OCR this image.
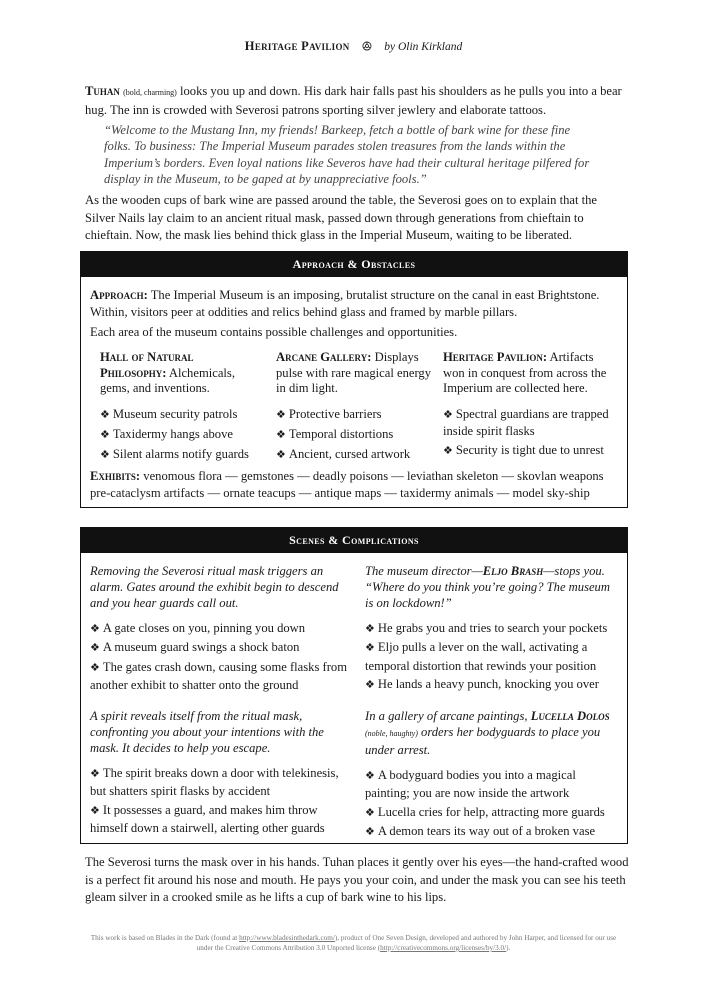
Heritage Pavilion ꔮ by Olin Kirkland

Tuhan (bold, charming) looks you up and down. His dark hair falls past his shoulders as he pulls you into a bear hug. The inn is crowded with Severosi patrons sporting silver jewlery and elaborate tattoos.

“Welcome to the Mustang Inn, my friends! Barkeep, fetch a bottle of bark wine for these fine folks. To business: The Imperial Museum parades stolen treasures from the lands within the Imperium’s borders. Even loyal nations like Severos have had their cultural heritage pilfered for display in the Museum, to be gaped at by unappreciative fools.”

As the wooden cups of bark wine are passed around the table, the Severosi goes on to explain that the Silver Nails lay claim to an ancient ritual mask, passed down through generations from chieftain to chieftain. Now, the mask lies behind thick glass in the Imperial Museum, waiting to be liberated.

Approach & Obstacles

Approach: The Imperial Museum is an imposing, brutalist structure on the canal in east Brightstone. Within, visitors peer at oddities and relics behind glass and framed by marble pillars.

Each area of the museum contains possible challenges and opportunities.

Hall of Natural Philosophy: Alchemicals, gems, and inventions.
❖ Museum security patrols
❖ Taxidermy hangs above
❖ Silent alarms notify guards
Arcane Gallery: Displays pulse with rare magical energy in dim light.
❖ Protective barriers
❖ Temporal distortions
❖ Ancient, cursed artwork
Heritage Pavilion: Artifacts won in conquest from across the Imperium are collected here.
❖ Spectral guardians are trapped inside spirit flasks
❖ Security is tight due to unrest

Exhibits: venomous flora — gemstones — deadly poisons — leviathan skeleton — skovlan weapons pre-cataclysm artifacts — ornate teacups — antique maps — taxidermy animals — model sky-ship

Scenes & Complications
Removing the Severosi ritual mask triggers an alarm. Gates around the exhibit begin to descend and you hear guards call out.
❖ A gate closes on you, pinning you down
❖ A museum guard swings a shock baton
❖ The gates crash down, causing some flasks from another exhibit to shatter onto the ground
The museum director—Eljo Brash—stops you. “Where do you think you’re going? The museum is on lockdown!”
❖ He grabs you and tries to search your pockets
❖ Eljo pulls a lever on the wall, activating a temporal distortion that rewinds your position
❖ He lands a heavy punch, knocking you over
A spirit reveals itself from the ritual mask, confronting you about your intentions with the mask. It decides to help you escape.
❖ The spirit breaks down a door with telekinesis, but shatters spirit flasks by accident
❖ It possesses a guard, and makes him throw himself down a stairwell, alerting other guards
In a gallery of arcane paintings, Lucella Dolos (noble, haughty) orders her bodyguards to place you under arrest.
❖ A bodyguard bodies you into a magical painting; you are now inside the artwork
❖ Lucella cries for help, attracting more guards
❖ A demon tears its way out of a broken vase

The Severosi turns the mask over in his hands. Tuhan places it gently over his eyes—the hand-crafted wood is a perfect fit around his nose and mouth. He pays you your coin, and under the mask you can see his teeth gleam silver in a crooked smile as he lifts a cup of bark wine to his lips.

This work is based on Blades in the Dark (found at http://www.bladesinthedark.com/), product of One Seven Design, developed and authored by John Harper, and licensed for our use under the Creative Commons Attribution 3.0 Unported license (http://creativecommons.org/licenses/by/3.0/).
